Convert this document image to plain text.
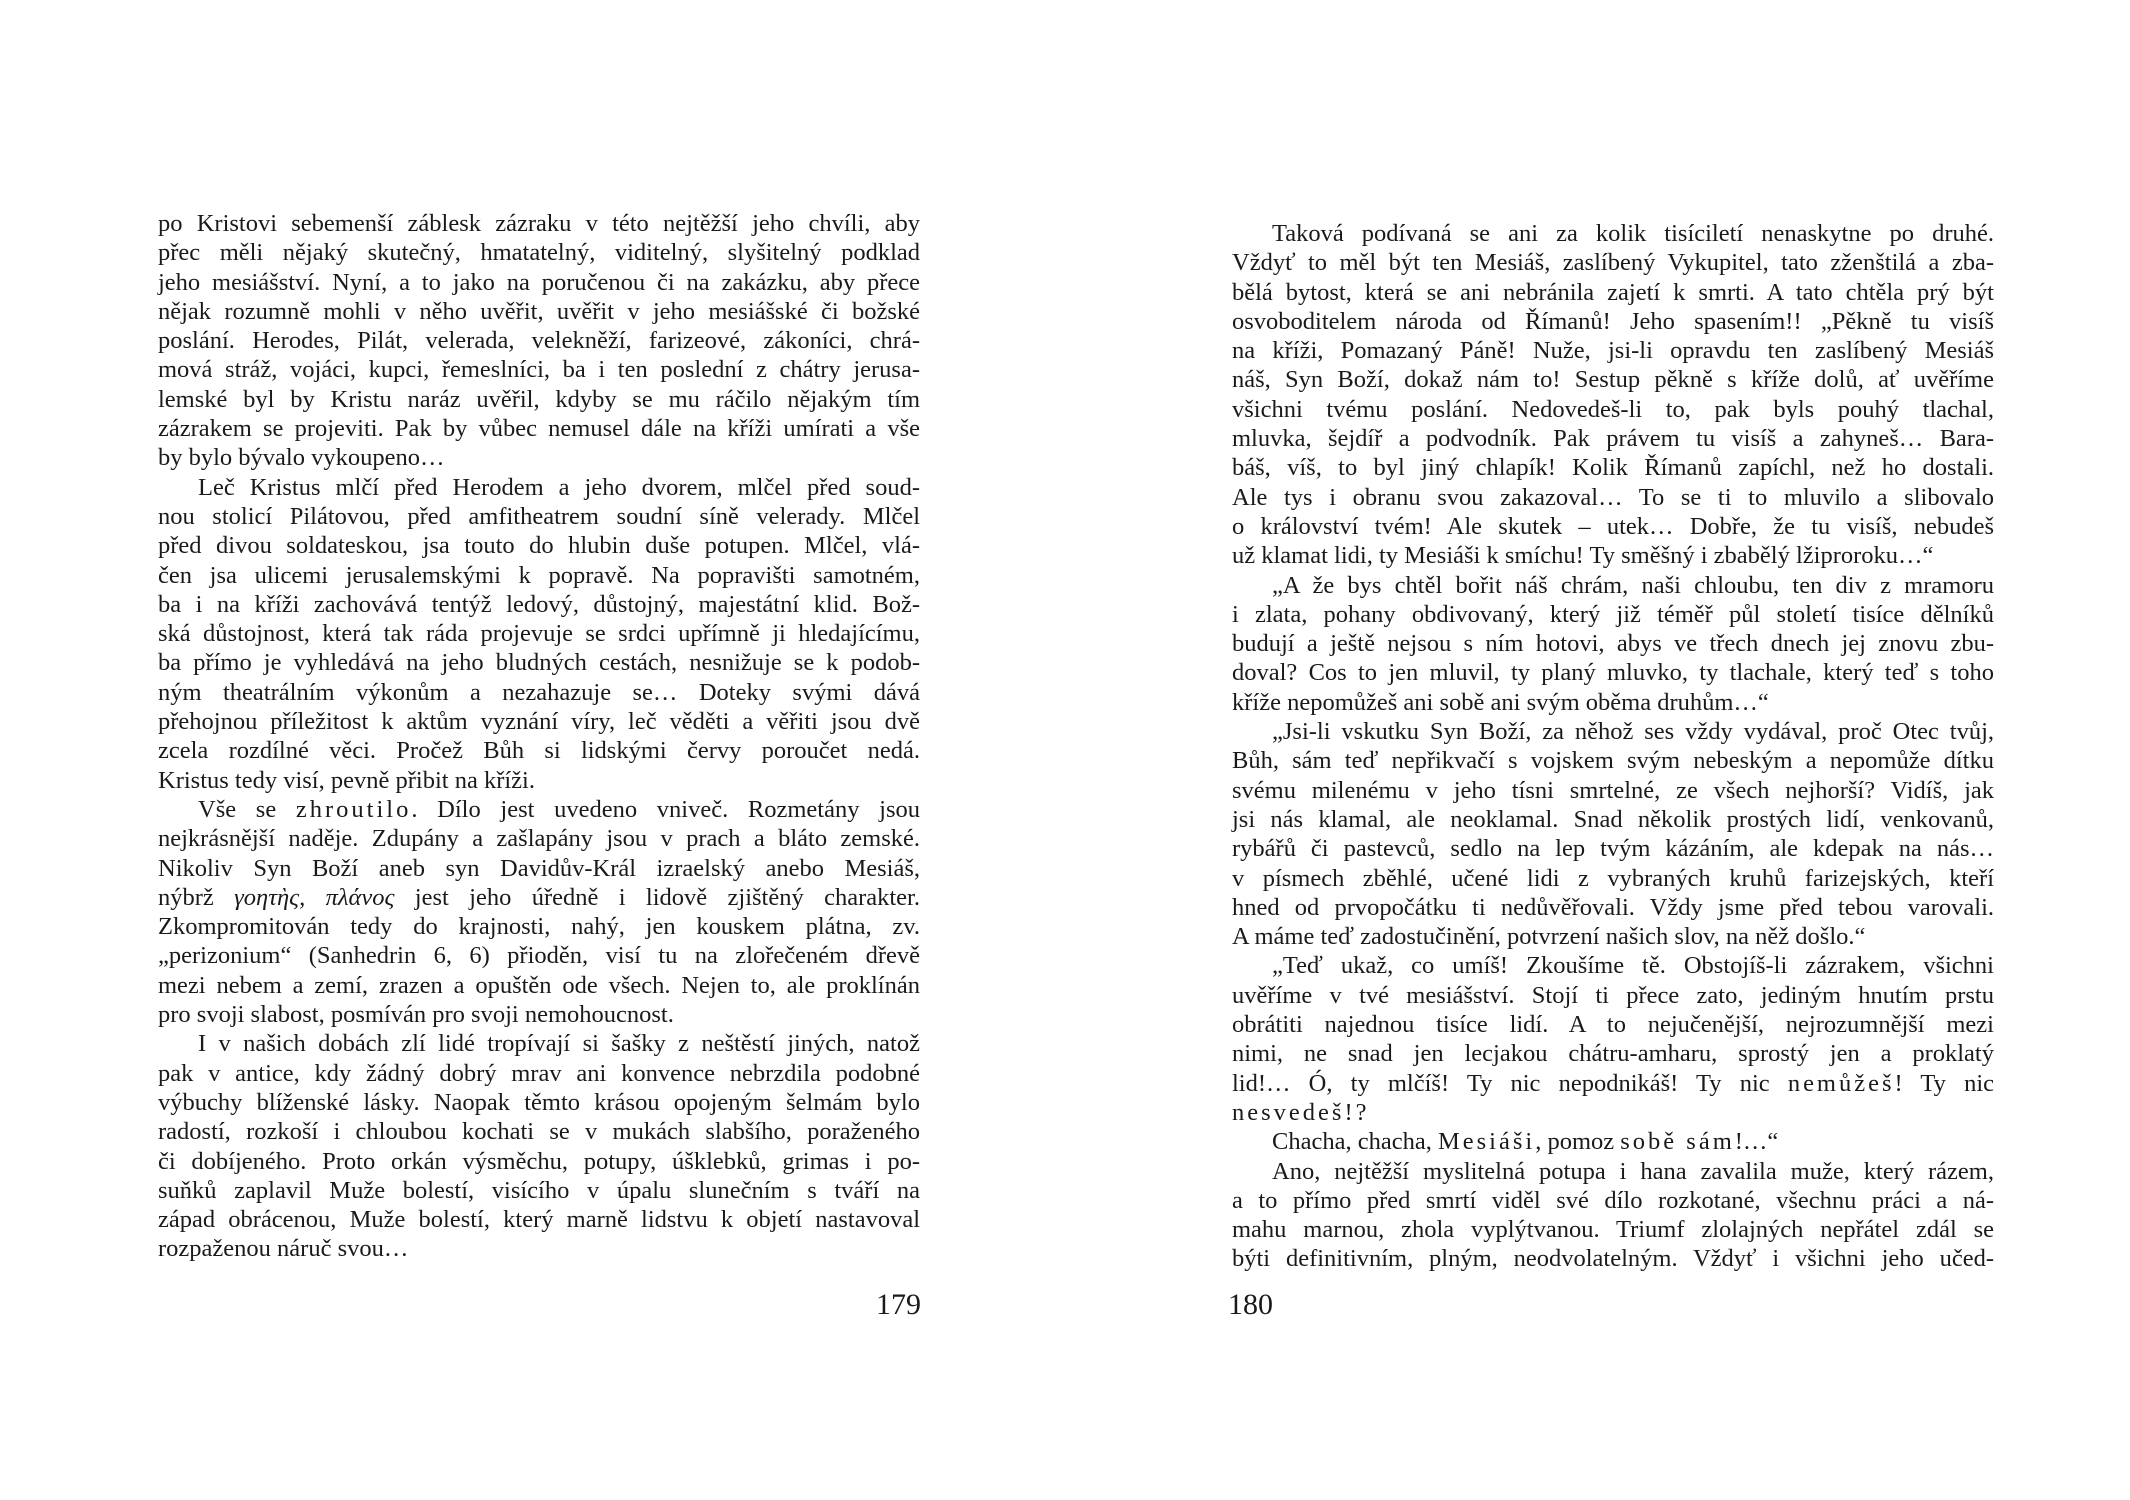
po Kristovi sebemenší záblesk zázraku v této nejtěžší jeho chvíli, aby
přec měli nějaký skutečný, hmatatelný, viditelný, slyšitelný podklad
jeho mesiášství. Nyní, a to jako na poručenou či na zakázku, aby přece
nějak rozumně mohli v něho uvěřit, uvěřit v jeho mesiášské či božské
poslání. Herodes, Pilát, velerada, velekněží, farizeové, zákoníci, chrá-
mová stráž, vojáci, kupci, řemeslníci, ba i ten poslední z chátry jerusa-
lemské byl by Kristu naráz uvěřil, kdyby se mu ráčilo nějakým tím
zázrakem se projeviti. Pak by vůbec nemusel dále na kříži umírati a vše
by bylo bývalo vykoupeno…
Leč Kristus mlčí před Herodem a jeho dvorem, mlčel před soud-
nou stolicí Pilátovou, před amfitheatrem soudní síně velerady. Mlčel
před divou soldateskou, jsa touto do hlubin duše potupen. Mlčel, vlá-
čen jsa ulicemi jerusalemskými k popravě. Na popravišti samotném,
ba i na kříži zachovává tentýž ledový, důstojný, majestátní klid. Bož-
ská důstojnost, která tak ráda projevuje se srdci upřímně ji hledajícímu,
ba přímo je vyhledává na jeho bludných cestách, nesnižuje se k podob-
ným theatrálním výkonům a nezahazuje se… Doteky svými dává
přehojnou příležitost k aktům vyznání víry, leč věděti a věřiti jsou dvě
zcela rozdílné věci. Pročež Bůh si lidskými červy poroučet nedá.
Kristus tedy visí, pevně přibit na kříži.
Vše se zhroutilo. Dílo jest uvedeno vniveč. Rozmetány jsou
nejkrásnější naděje. Zdupány a zašlapány jsou v prach a bláto zemské.
Nikoliv Syn Boží aneb syn Davidův-Král izraelský anebo Mesiáš,
nýbrž γοητὴς, πλάνος jest jeho úředně i lidově zjištěný charakter.
Zkompromitován tedy do krajnosti, nahý, jen kouskem plátna, zv.
„perizonium“ (Sanhedrin 6, 6) přioděn, visí tu na zlořečeném dřevě
mezi nebem a zemí, zrazen a opuštěn ode všech. Nejen to, ale proklínán
pro svoji slabost, posmíván pro svoji nemohoucnost.
I v našich dobách zlí lidé tropívají si šašky z neštěstí jiných, natož
pak v antice, kdy žádný dobrý mrav ani konvence nebrzdila podobné
výbuchy blíženské lásky. Naopak těmto krásou opojeným šelmám bylo
radostí, rozkoší i chloubou kochati se v mukách slabšího, poraženého
či dobíjeného. Proto orkán výsměchu, potupy, úšklebků, grimas i po-
suňků zaplavil Muže bolestí, visícího v úpalu slunečním s tváří na
západ obrácenou, Muže bolestí, který marně lidstvu k objetí nastavoval
rozpaženou náruč svou…
Taková podívaná se ani za kolik tisíciletí nenaskytne po druhé.
Vždyť to měl být ten Mesiáš, zaslíbený Vykupitel, tato zženštilá a zba-
bělá bytost, která se ani nebránila zajetí k smrti. A tato chtěla prý být
osvoboditelem národa od Římanů! Jeho spasením!! „Pěkně tu visíš
na kříži, Pomazaný Páně! Nuže, jsi-li opravdu ten zaslíbený Mesiáš
náš, Syn Boží, dokaž nám to! Sestup pěkně s kříže dolů, ať uvěříme
všichni tvému poslání. Nedovedeš-li to, pak byls pouhý tlachal,
mluvka, šejdíř a podvodník. Pak právem tu visíš a zahyneš… Bara-
báš, víš, to byl jiný chlapík! Kolik Římanů zapíchl, než ho dostali.
Ale tys i obranu svou zakazoval… To se ti to mluvilo a slibovalo
o království tvém! Ale skutek – utek… Dobře, že tu visíš, nebudeš
už klamat lidi, ty Mesiáši k smíchu! Ty směšný i zbabělý lžiproroku…“
„A že bys chtěl bořit náš chrám, naši chloubu, ten div z mramoru
i zlata, pohany obdivovaný, který již téměř půl století tisíce dělníků
budují a ještě nejsou s ním hotovi, abys ve třech dnech jej znovu zbu-
doval? Cos to jen mluvil, ty planý mluvko, ty tlachale, který teď s toho
kříže nepomůžeš ani sobě ani svým oběma druhům…“
„Jsi-li vskutku Syn Boží, za něhož ses vždy vydával, proč Otec tvůj,
Bůh, sám teď nepřikvačí s vojskem svým nebeským a nepomůže dítku
svému milenému v jeho tísni smrtelné, ze všech nejhorší? Vidíš, jak
jsi nás klamal, ale neoklamal. Snad několik prostých lidí, venkovanů,
rybářů či pastevců, sedlo na lep tvým kázáním, ale kdepak na nás…
v písmech zběhlé, učené lidi z vybraných kruhů farizejských, kteří
hned od prvopočátku ti nedůvěřovali. Vždy jsme před tebou varovali.
A máme teď zadostučinění, potvrzení našich slov, na něž došlo.“
„Teď ukaž, co umíš! Zkoušíme tě. Obstojíš-li zázrakem, všichni
uvěříme v tvé mesiášství. Stojí ti přece zato, jediným hnutím prstu
obrátiti najednou tisíce lidí. A to nejučenější, nejrozumnější mezi
nimi, ne snad jen lecjakou chátru-amharu, sprostý jen a proklatý
lid!… Ó, ty mlčíš! Ty nic nepodnikáš! Ty nic nemůžeš! Ty nic
nesvedeš!?
Chacha, chacha, Mesiáši, pomoz sobě sám!…“
Ano, nejtěžší myslitelná potupa i hana zavalila muže, který rázem,
a to přímo před smrtí viděl své dílo rozkotané, všechnu práci a ná-
mahu marnou, zhola vyplýtvanou. Triumf zlolajných nepřátel zdál se
býti definitivním, plným, neodvolatelným. Vždyť i všichni jeho učed-
179	180
